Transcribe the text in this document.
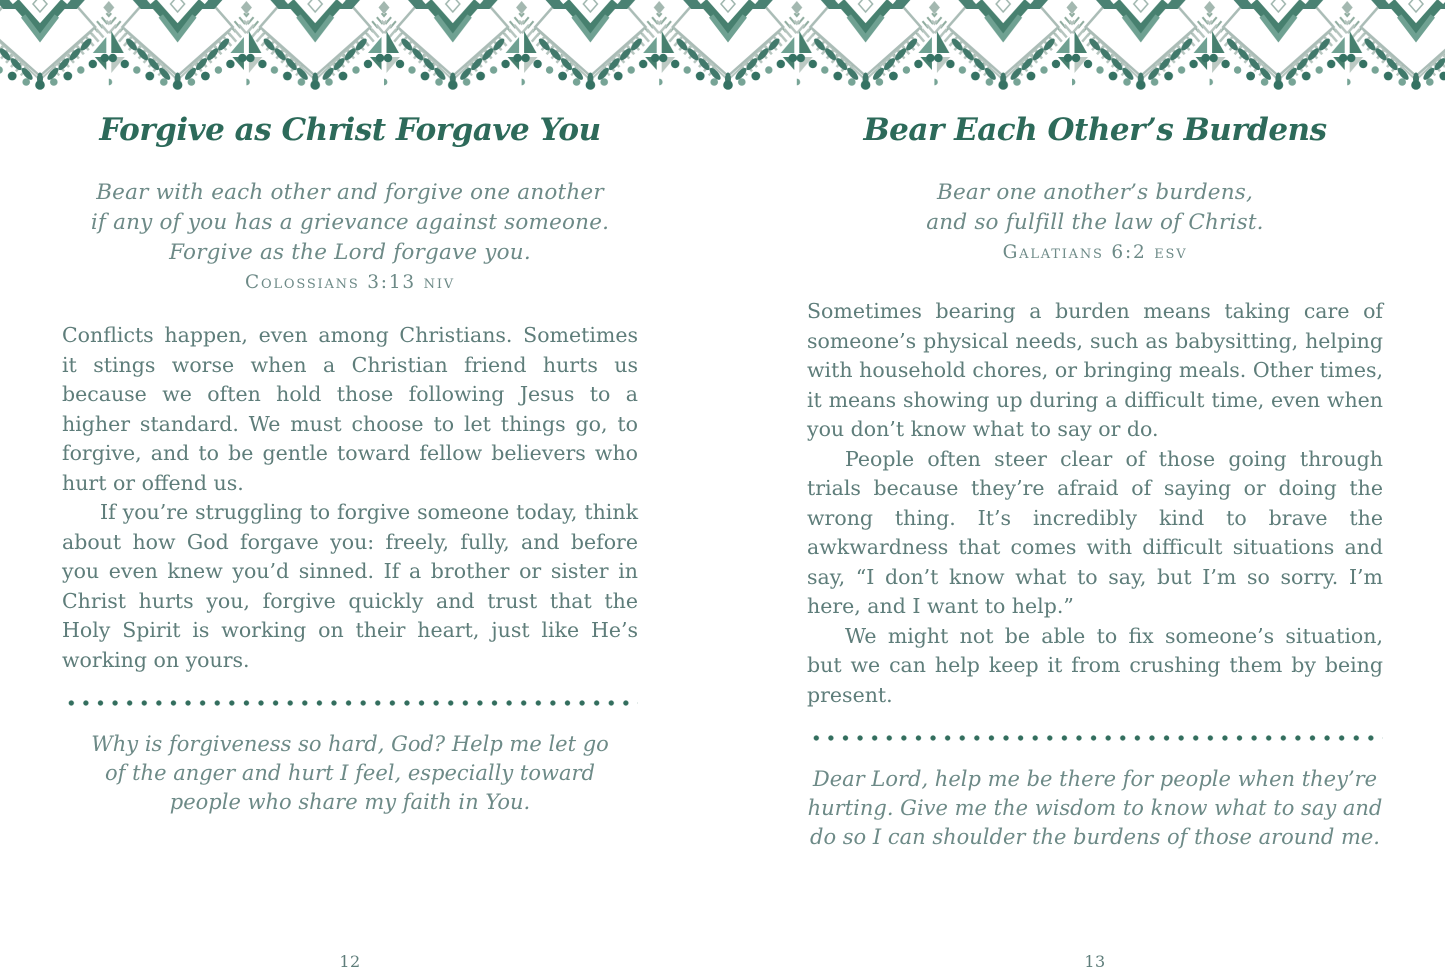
Forgive as Christ Forgave You
Bear with each other and forgive one another
if any of you has a grievance against someone.
Forgive as the Lord forgave you.
Colossians 3:13 niv

Conflicts happen, even among Christians. Sometimes it stings worse when a Christian friend hurts us because we often hold those following Jesus to a higher standard. We must choose to let things go, to forgive, and to be gentle toward fellow believers who hurt or offend us.

If you’re struggling to forgive someone today, think about how God forgave you: freely, fully, and before you even knew you’d sinned. If a brother or sister in Christ hurts you, forgive quickly and trust that the Holy Spirit is working on their heart, just like He’s working on yours.

Why is forgiveness so hard, God? Help me let go
of the anger and hurt I feel, especially toward
people who share my faith in You.
12
Bear Each Other’s Burdens
Bear one another’s burdens,
and so fulfill the law of Christ.
Galatians 6:2 esv

Sometimes bearing a burden means taking care of someone’s physical needs, such as babysitting, helping with household chores, or bringing meals. Other times, it means showing up during a difficult time, even when you don’t know what to say or do.

People often steer clear of those going through trials because they’re afraid of saying or doing the wrong thing. It’s incredibly kind to brave the awkwardness that comes with difficult situations and say, “I don’t know what to say, but I’m so sorry. I’m here, and I want to help.”

We might not be able to fix someone’s situation, but we can help keep it from crushing them by being present.

Dear Lord, help me be there for people when they’re
hurting. Give me the wisdom to know what to say and
do so I can shoulder the burdens of those around me.
13
